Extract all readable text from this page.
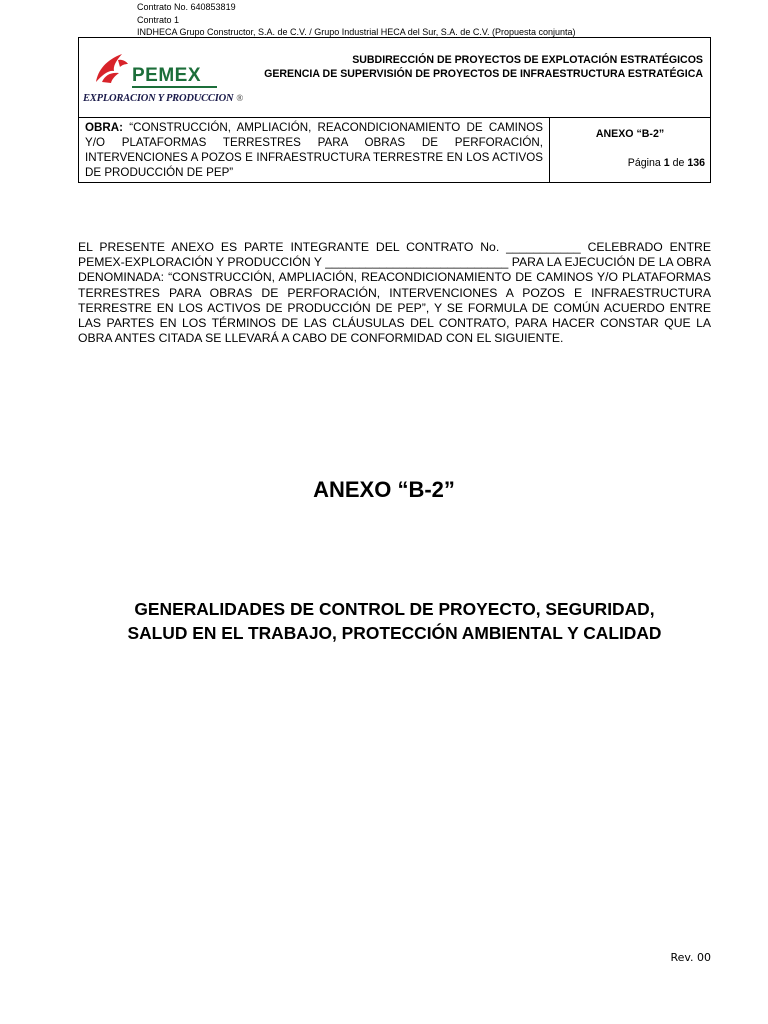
Contrato No. 640853819
Contrato 1
INDHECA Grupo Constructor, S.A. de C.V. / Grupo Industrial HECA del Sur, S.A. de C.V. (Propuesta conjunta)
PEMEX
EXPLORACION Y PRODUCCION ®
SUBDIRECCIÓN DE PROYECTOS DE EXPLOTACIÓN ESTRATÉGICOS
GERENCIA DE SUPERVISIÓN DE PROYECTOS DE INFRAESTRUCTURA ESTRATÉGICA
OBRA: “CONSTRUCCIÓN, AMPLIACIÓN, REACONDICIONAMIENTO DE CAMINOS Y/O PLATAFORMAS TERRESTRES PARA OBRAS DE PERFORACIÓN, INTERVENCIONES A POZOS E INFRAESTRUCTURA TERRESTRE EN LOS ACTIVOS DE PRODUCCIÓN DE PEP”
ANEXO “B-2”
Página 1 de 136
EL PRESENTE ANEXO ES PARTE INTEGRANTE DEL CONTRATO No. ___________ CELEBRADO ENTRE PEMEX-EXPLORACIÓN Y PRODUCCIÓN Y ___________________________ PARA LA EJECUCIÓN DE LA OBRA DENOMINADA: “CONSTRUCCIÓN, AMPLIACIÓN, REACONDICIONAMIENTO DE CAMINOS Y/O PLATAFORMAS TERRESTRES PARA OBRAS DE PERFORACIÓN, INTERVENCIONES A POZOS E INFRAESTRUCTURA TERRESTRE EN LOS ACTIVOS DE PRODUCCIÓN DE PEP”, Y SE FORMULA DE COMÚN ACUERDO ENTRE LAS PARTES EN LOS TÉRMINOS DE LAS CLÁUSULAS DEL CONTRATO, PARA HACER CONSTAR QUE LA OBRA ANTES CITADA SE LLEVARÁ A CABO DE CONFORMIDAD CON EL SIGUIENTE.
ANEXO “B-2”
GENERALIDADES DE CONTROL DE PROYECTO, SEGURIDAD,
SALUD EN EL TRABAJO, PROTECCIÓN AMBIENTAL Y CALIDAD
Rev. 00
